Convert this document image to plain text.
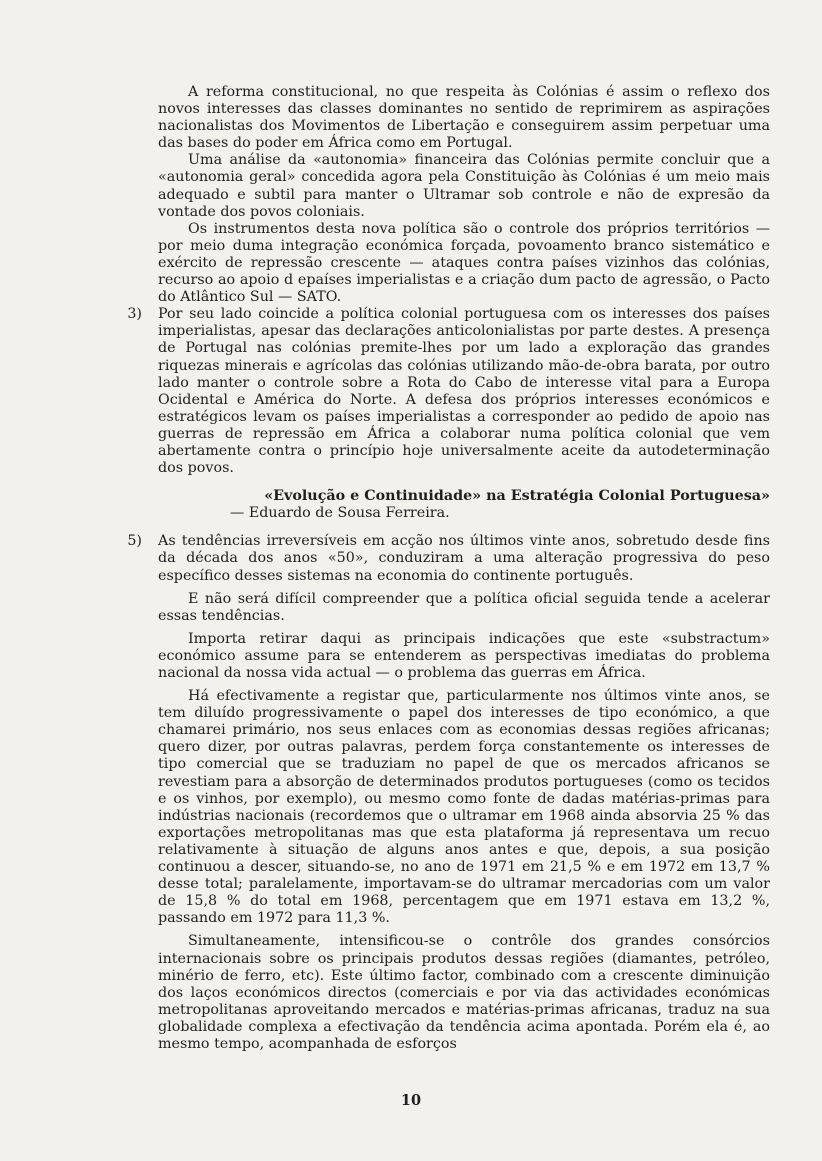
A reforma constitucional, no que respeita às Colónias é assim o reflexo dos novos interesses das classes dominantes no sentido de reprimirem as aspirações nacionalistas dos Movimentos de Libertação e conseguirem assim perpetuar uma das bases do poder em África como em Portugal.

Uma análise da «autonomia» financeira das Colónias permite concluir que a «autonomia geral» concedida agora pela Constituição às Colónias é um meio mais adequado e subtil para manter o Ultramar sob controle e não de expresão da vontade dos povos coloniais.

Os instrumentos desta nova política são o controle dos próprios territórios — por meio duma integração económica forçada, povoamento branco sistemático e exército de repressão crescente — ataques contra países vizinhos das colónias, recurso ao apoio d epaíses imperialistas e a criação dum pacto de agressão, o Pacto do Atlântico Sul — SATO.

3) Por seu lado coincide a política colonial portuguesa com os interesses dos países imperialistas, apesar das declarações anticolonialistas por parte destes. A presença de Portugal nas colónias premite-lhes por um lado a exploração das grandes riquezas minerais e agrícolas das colónias utilizando mão-de-obra barata, por outro lado manter o controle sobre a Rota do Cabo de interesse vital para a Europa Ocidental e América do Norte. A defesa dos próprios interesses económicos e estratégicos levam os países imperialistas a corresponder ao pedido de apoio nas guerras de repressão em África a colaborar numa política colonial que vem abertamente contra o princípio hoje universalmente aceite da autodeterminação dos povos.

«Evolução e Continuidade» na Estratégia Colonial Portuguesa»

— Eduardo de Sousa Ferreira.

5) As tendências irreversíveis em acção nos últimos vinte anos, sobretudo desde fins da década dos anos «50», conduziram a uma alteração progressiva do peso específico desses sistemas na economia do continente português.

E não será difícil compreender que a política oficial seguida tende a acelerar essas tendências.

Importa retirar daqui as principais indicações que este «substractum» económico assume para se entenderem as perspectivas imediatas do problema nacional da nossa vida actual — o problema das guerras em África.

Há efectivamente a registar que, particularmente nos últimos vinte anos, se tem diluído progressivamente o papel dos interesses de tipo económico, a que chamarei primário, nos seus enlaces com as economias dessas regiões africanas; quero dizer, por outras palavras, perdem força constantemente os interesses de tipo comercial que se traduziam no papel de que os mercados africanos se revestiam para a absorção de determinados produtos portugueses (como os tecidos e os vinhos, por exemplo), ou mesmo como fonte de dadas matérias-primas para indústrias nacionais (recordemos que o ultramar em 1968 ainda absorvia 25 % das exportações metropolitanas mas que esta plataforma já representava um recuo relativamente à situação de alguns anos antes e que, depois, a sua posição continuou a descer, situando-se, no ano de 1971 em 21,5 % e em 1972 em 13,7 % desse total; paralelamente, importavam-se do ultramar mercadorias com um valor de 15,8 % do total em 1968, percentagem que em 1971 estava em 13,2 %, passando em 1972 para 11,3 %.

Simultaneamente, intensificou-se o contrôle dos grandes consórcios internacionais sobre os principais produtos dessas regiões (diamantes, petróleo, minério de ferro, etc). Este último factor, combinado com a crescente diminuição dos laços económicos directos (comerciais e por via das actividades económicas metropolitanas aproveitando mercados e matérias-primas africanas, traduz na sua globalidade complexa a efectivação da tendência acima apontada. Porém ela é, ao mesmo tempo, acompanhada de esforços

10
